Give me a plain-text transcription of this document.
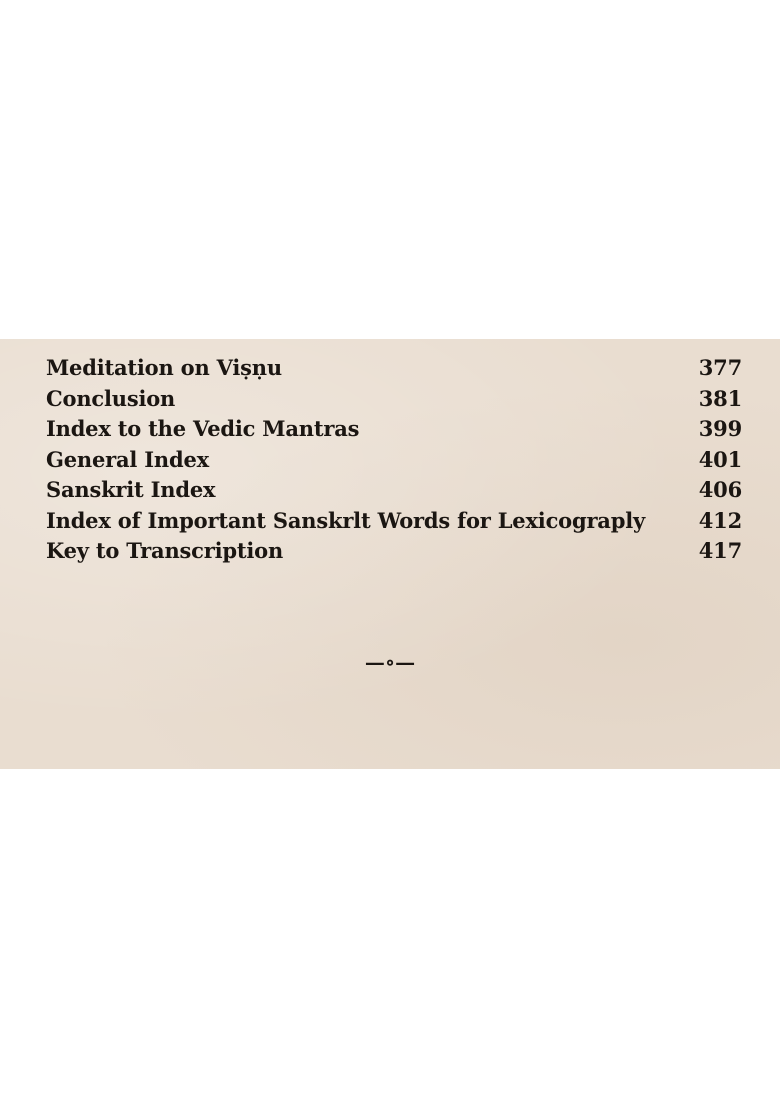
Meditation on Viṣṇu	377
Conclusion	381
Index to the Vedic Mantras	399
General Index	401
Sanskrit Index	406
Index of Important Sanskrlt Words for Lexicograply	412
Key to Transcription	417
—∘—
